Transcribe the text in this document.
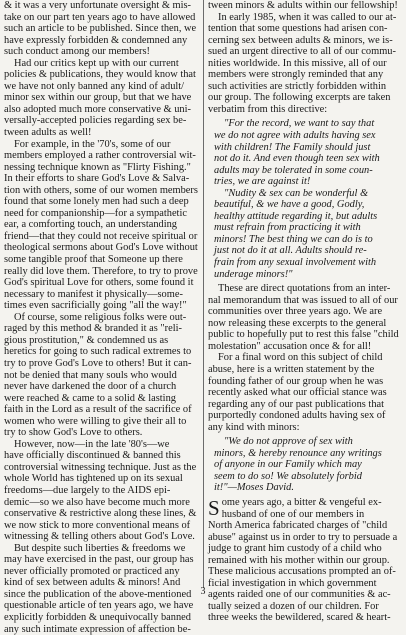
& it was a very unfortunate oversight & mis-
take on our part ten years ago to have allowed
such an article to be published. Since then, we
have expressly forbidden & condemned any
such conduct among our members!
Had our critics kept up with our current
policies & publications, they would know that
we have not only banned any kind of adult/
minor sex within our group, but that we have
also adopted much more conservative & uni-
versally-accepted policies regarding sex be-
tween adults as well!
For example, in the '70's, some of our
members employed a rather controversial wit-
nessing technique known as "Flirty Fishing."
In their efforts to share God's Love & Salva-
tion with others, some of our women members
found that some lonely men had such a deep
need for companionship—for a sympathetic
ear, a comforting touch, an understanding
friend—that they could not receive spiritual or
theological sermons about God's Love without
some tangible proof that Someone up there
really did love them. Therefore, to try to prove
God's spiritual Love for others, some found it
necessary to manifest it physically—some-
times even sacrificially going "all the way!"
Of course, some religious folks were out-
raged by this method & branded it as "reli-
gious prostitution," & condemned us as
heretics for going to such radical extremes to
try to prove God's Love to others! But it can-
not be denied that many souls who would
never have darkened the door of a church
were reached & came to a solid & lasting
faith in the Lord as a result of the sacrifice of
women who were willing to give their all to
try to show God's Love to others.
However, now—in the late '80's—we
have officially discontinued & banned this
controversial witnessing technique. Just as the
whole World has tightened up on its sexual
freedoms—due largely to the AIDS epi-
demic—so we also have become much more
conservative & restrictive along these lines, &
we now stick to more conventional means of
witnessing & telling others about God's Love.
But despite such liberties & freedoms we
may have exercised in the past, our group has
never officially promoted or practiced any
kind of sex between adults & minors! And
since the publication of the above-mentioned
questionable article of ten years ago, we have
explicitly forbidden & unequivocally banned
any such intimate expression of affection be-
tween minors & adults within our fellowship!
In early 1985, when it was called to our at-
tention that some questions had arisen con-
cerning sex between adults & minors, we is-
sued an urgent directive to all of our commu-
nities worldwide. In this missive, all of our
members were strongly reminded that any
such activities are strictly forbidden within
our group. The following excerpts are taken
verbatim from this directive:
"For the record, we want to say that
we do not agree with adults having sex
with children! The Family should just
not do it. And even though teen sex with
adults may be tolerated in some coun-
tries, we are against it!
"Nudity & sex can be wonderful &
beautiful, & we have a good, Godly,
healthy attitude regarding it, but adults
must refrain from practicing it with
minors! The best thing we can do is to
just not do it at all. Adults should re-
frain from any sexual involvement with
underage minors!"
These are direct quotations from an inter-
nal memorandum that was issued to all of our
communities over three years ago. We are
now releasing these excerpts to the general
public to hopefully put to rest this false "child
molestation" accusation once & for all!
For a final word on this subject of child
abuse, here is a written statement by the
founding father of our group when he was
recently asked what our official stance was
regarding any of our past publications that
purportedly condoned adults having sex of
any kind with minors:
"We do not approve of sex with
minors, & hereby renounce any writings
of anyone in our Family which may
seem to do so! We absolutely forbid
it!"—Moses David.
S ome years ago, a bitter & vengeful ex-
husband of one of our members in
North America fabricated charges of "child
abuse" against us in order to try to persuade a
judge to grant him custody of a child who
remained with his mother within our group.
These malicious accusations prompted an of-
ficial investigation in which government
agents raided one of our communities & ac-
tually seized a dozen of our children. For
three weeks the bewildered, scared & heart-
3
